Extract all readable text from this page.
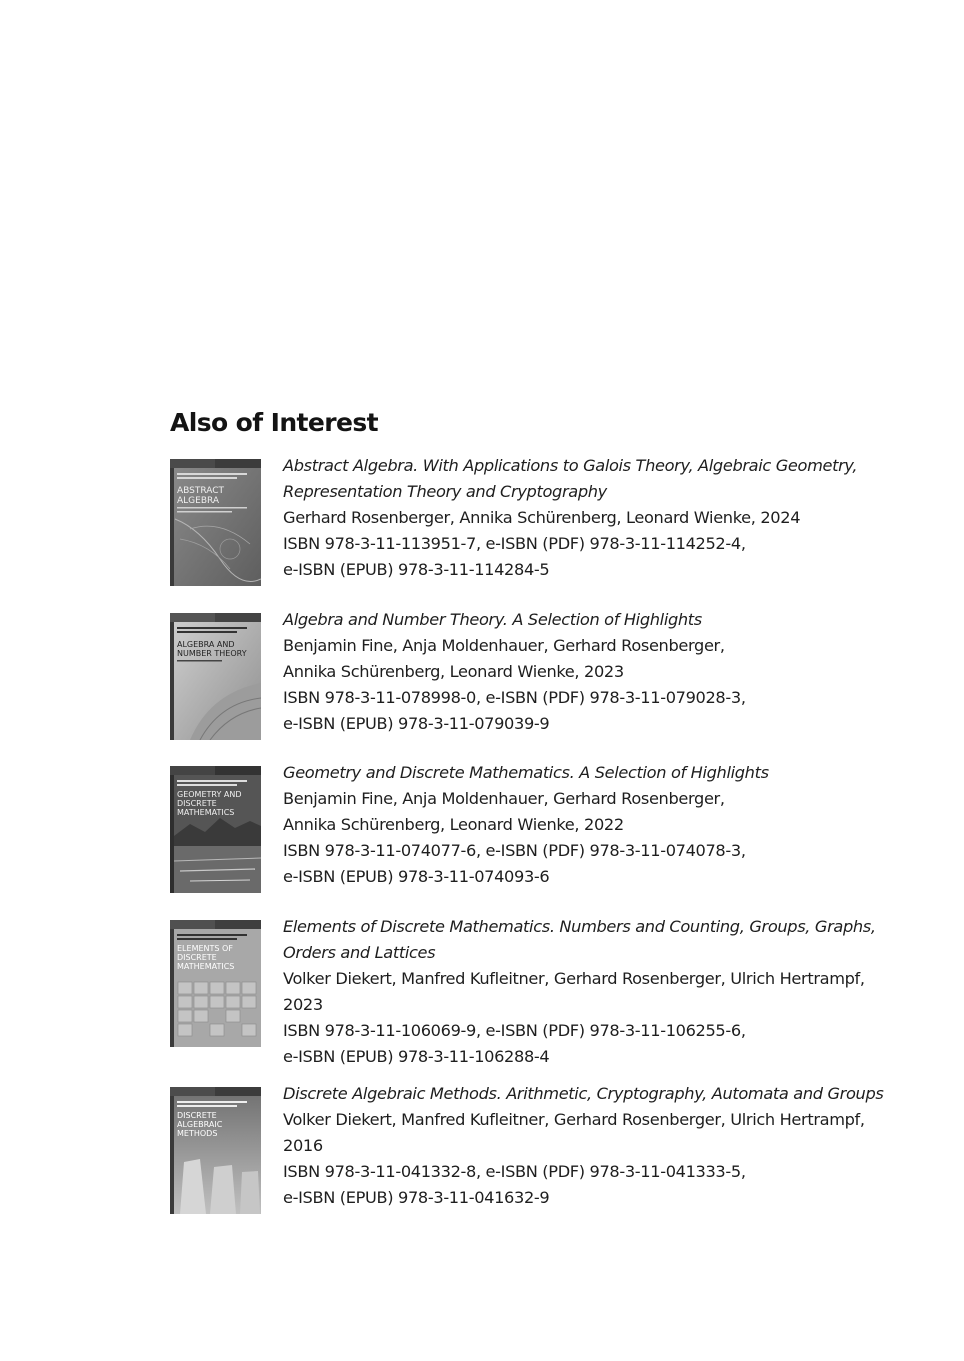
Also of Interest
ABSTRACT
ALGEBRA
Abstract Algebra. With Applications to Galois Theory, Algebraic Geometry,
Representation Theory and Cryptography
Gerhard Rosenberger, Annika Schürenberg, Leonard Wienke, 2024
ISBN 978-3-11-113951-7, e-ISBN (PDF) 978-3-11-114252-4,
e-ISBN (EPUB) 978-3-11-114284-5
ALGEBRA AND
NUMBER THEORY
Algebra and Number Theory. A Selection of Highlights
Benjamin Fine, Anja Moldenhauer, Gerhard Rosenberger,
Annika Schürenberg, Leonard Wienke, 2023
ISBN 978-3-11-078998-0, e-ISBN (PDF) 978-3-11-079028-3,
e-ISBN (EPUB) 978-3-11-079039-9
GEOMETRY AND
DISCRETE
MATHEMATICS
Geometry and Discrete Mathematics. A Selection of Highlights
Benjamin Fine, Anja Moldenhauer, Gerhard Rosenberger,
Annika Schürenberg, Leonard Wienke, 2022
ISBN 978-3-11-074077-6, e-ISBN (PDF) 978-3-11-074078-3,
e-ISBN (EPUB) 978-3-11-074093-6
ELEMENTS OF
DISCRETE
MATHEMATICS
Elements of Discrete Mathematics. Numbers and Counting, Groups, Graphs,
Orders and Lattices
Volker Diekert, Manfred Kufleitner, Gerhard Rosenberger, Ulrich Hertrampf,
2023
ISBN 978-3-11-106069-9, e-ISBN (PDF) 978-3-11-106255-6,
e-ISBN (EPUB) 978-3-11-106288-4
DISCRETE
ALGEBRAIC
METHODS
Discrete Algebraic Methods. Arithmetic, Cryptography, Automata and Groups
Volker Diekert, Manfred Kufleitner, Gerhard Rosenberger, Ulrich Hertrampf,
2016
ISBN 978-3-11-041332-8, e-ISBN (PDF) 978-3-11-041333-5,
e-ISBN (EPUB) 978-3-11-041632-9
